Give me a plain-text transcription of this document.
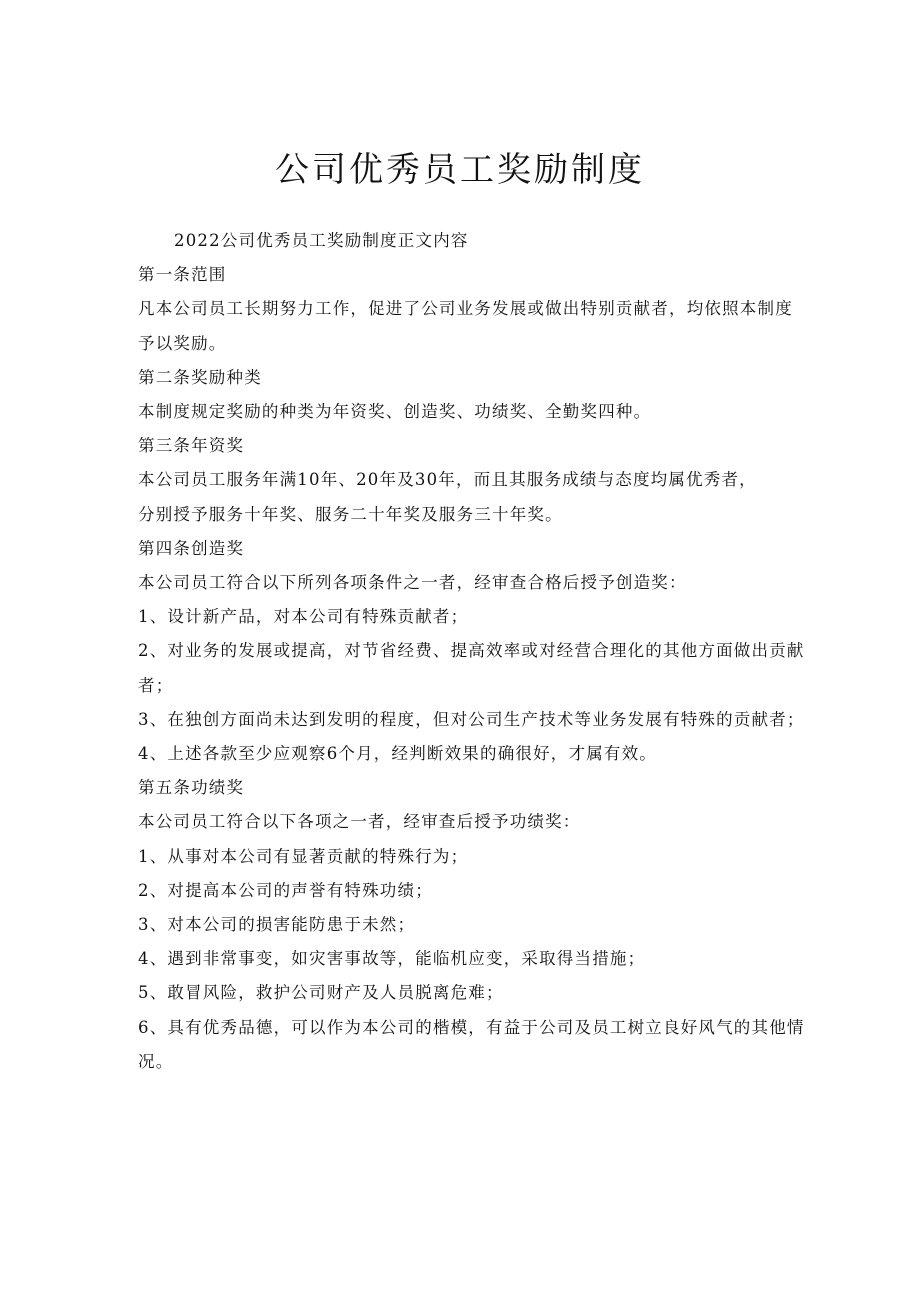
公司优秀员工奖励制度
2022公司优秀员工奖励制度正文内容
第一条范围
凡本公司员工长期努力工作，促进了公司业务发展或做出特别贡献者，均依照本制度
予以奖励。
第二条奖励种类
本制度规定奖励的种类为年资奖、创造奖、功绩奖、全勤奖四种。
第三条年资奖
本公司员工服务年满10年、20年及30年，而且其服务成绩与态度均属优秀者，
分别授予服务十年奖、服务二十年奖及服务三十年奖。
第四条创造奖
本公司员工符合以下所列各项条件之一者，经审查合格后授予创造奖：
1、设计新产品，对本公司有特殊贡献者；
2、对业务的发展或提高，对节省经费、提高效率或对经营合理化的其他方面做出贡献
者；
3、在独创方面尚未达到发明的程度，但对公司生产技术等业务发展有特殊的贡献者；
4、上述各款至少应观察6个月，经判断效果的确很好，才属有效。
第五条功绩奖
本公司员工符合以下各项之一者，经审查后授予功绩奖：
1、从事对本公司有显著贡献的特殊行为；
2、对提高本公司的声誉有特殊功绩；
3、对本公司的损害能防患于未然；
4、遇到非常事变，如灾害事故等，能临机应变，采取得当措施；
5、敢冒风险，救护公司财产及人员脱离危难；
6、具有优秀品德，可以作为本公司的楷模，有益于公司及员工树立良好风气的其他情
况。
